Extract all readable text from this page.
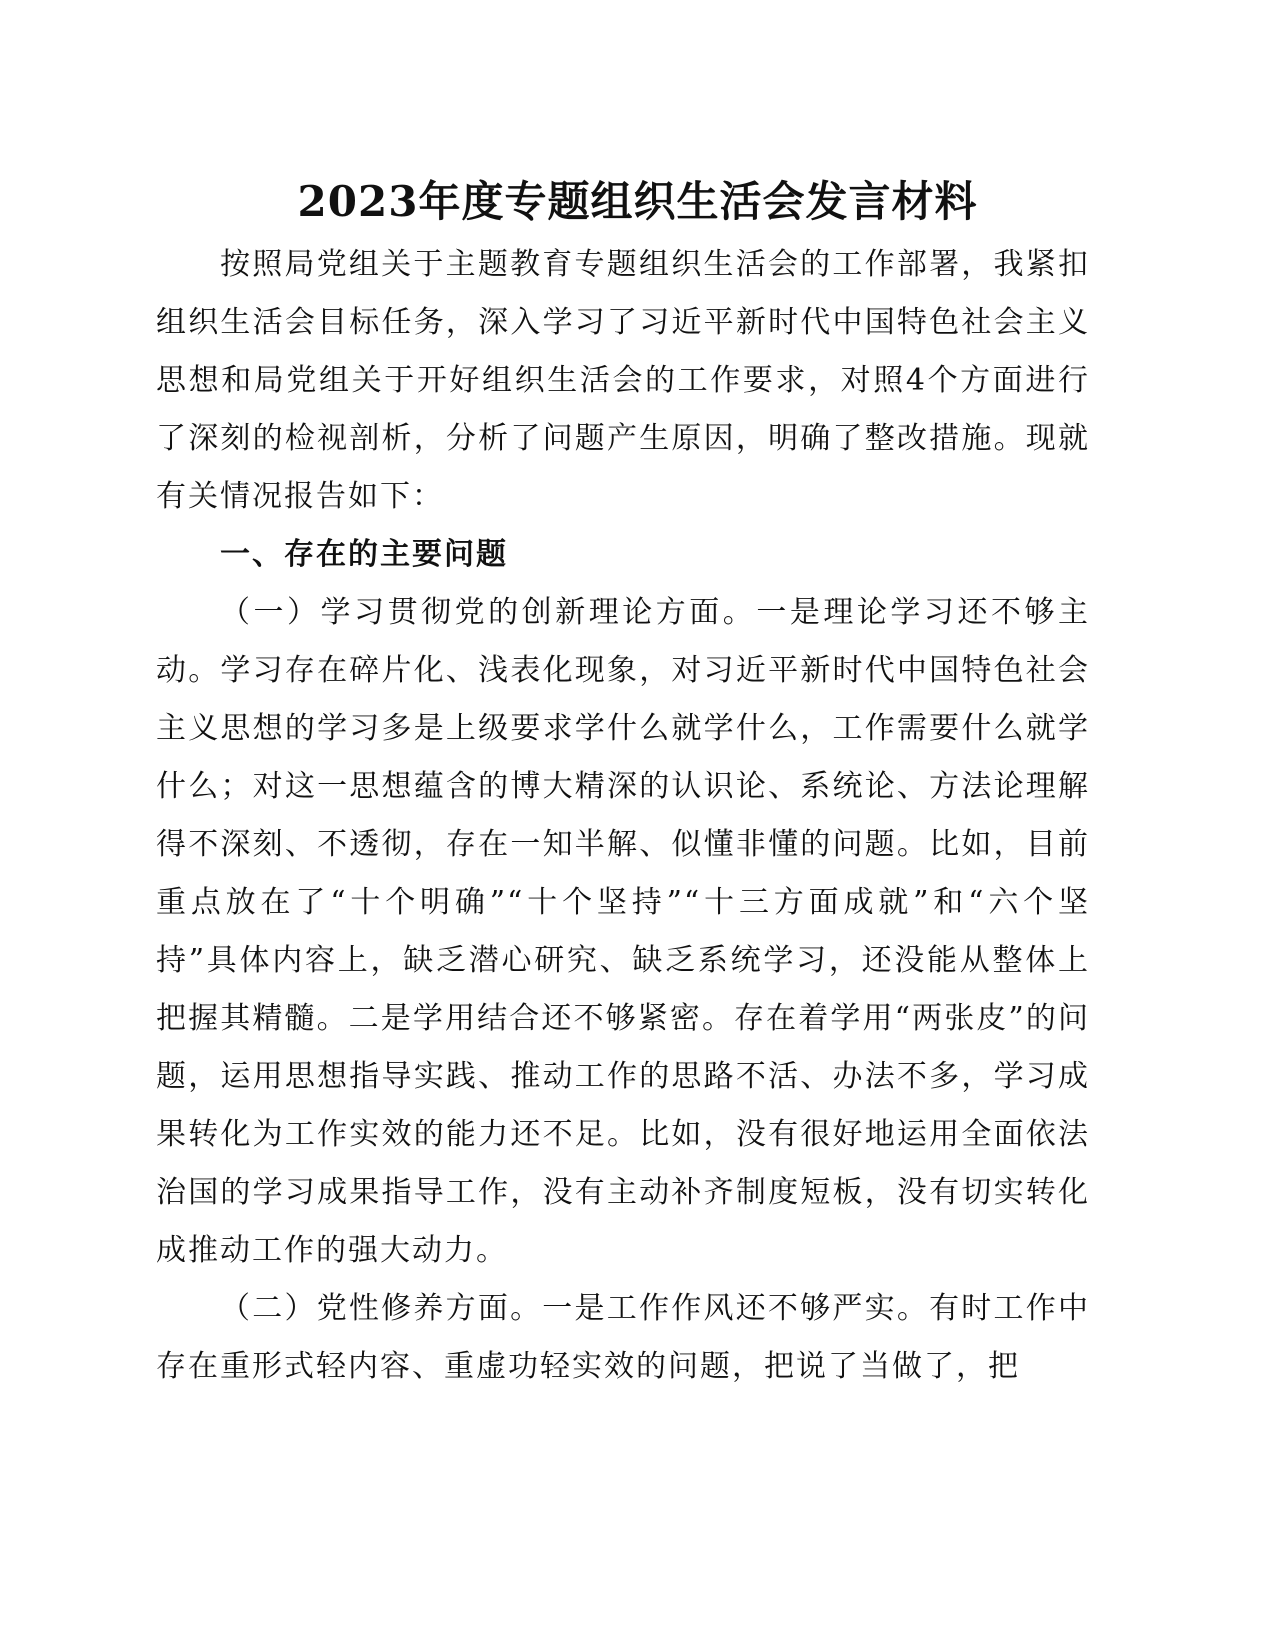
2023年度专题组织生活会发言材料

按照局党组关于主题教育专题组织生活会的工作部署，我紧扣组织生活会目标任务，深入学习了习近平新时代中国特色社会主义思想和局党组关于开好组织生活会的工作要求，对照4个方面进行了深刻的检视剖析，分析了问题产生原因，明确了整改措施。现就有关情况报告如下：

一、存在的主要问题

（一）学习贯彻党的创新理论方面。一是理论学习还不够主动。学习存在碎片化、浅表化现象，对习近平新时代中国特色社会主义思想的学习多是上级要求学什么就学什么，工作需要什么就学什么；对这一思想蕴含的博大精深的认识论、系统论、方法论理解得不深刻、不透彻，存在一知半解、似懂非懂的问题。比如，目前重点放在了“十个明确”“十个坚持”“十三方面成就”和“六个坚持”具体内容上，缺乏潜心研究、缺乏系统学习，还没能从整体上把握其精髓。二是学用结合还不够紧密。存在着学用“两张皮”的问题，运用思想指导实践、推动工作的思路不活、办法不多，学习成果转化为工作实效的能力还不足。比如，没有很好地运用全面依法治国的学习成果指导工作，没有主动补齐制度短板，没有切实转化成推动工作的强大动力。

（二）党性修养方面。一是工作作风还不够严实。有时工作中存在重形式轻内容、重虚功轻实效的问题，把说了当做了，把
